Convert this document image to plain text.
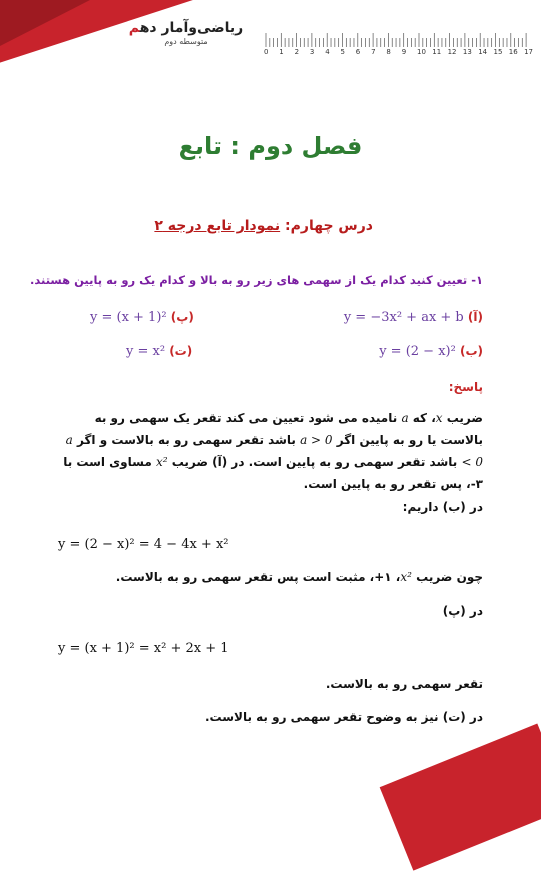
ریاضی‌وآمار دهم
متوسطه دوم
0 1 2 3 4 5 6 7 8 9 10 11 12 13 14 15 16 17
فصل دوم : تابع
درس چهارم: نمودار تابع درجه ۲
۱- تعیین کنید کدام یک از سهمی های زیر رو به بالا و کدام یک رو به پایین هستند.
y = −3x² + ax + b (آ)
y = (x + 1)² (پ)
y = (2 − x)² (ب)
y = x² (ت)
پاسخ:
ضریب x، که a نامیده می شود تعیین می کند تقعر یک سهمی رو به بالاست یا رو به پایین اگر a > 0 باشد تقعر سهمی رو به بالاست و اگر a < 0 باشد تقعر سهمی رو به پایین است. در (آ) ضریب x² مساوی است با ۳-، پس تقعر رو به پایین است.
در (ب) داریم:
y = (2 − x)² = 4 − 4x + x²
چون ضریب x²، ۱+، مثبت است پس تقعر سهمی رو به بالاست.
در (پ)
y = (x + 1)² = x² + 2x + 1
تقعر سهمی رو به بالاست.
در (ت) نیز به وضوح تقعر سهمی رو به بالاست.
